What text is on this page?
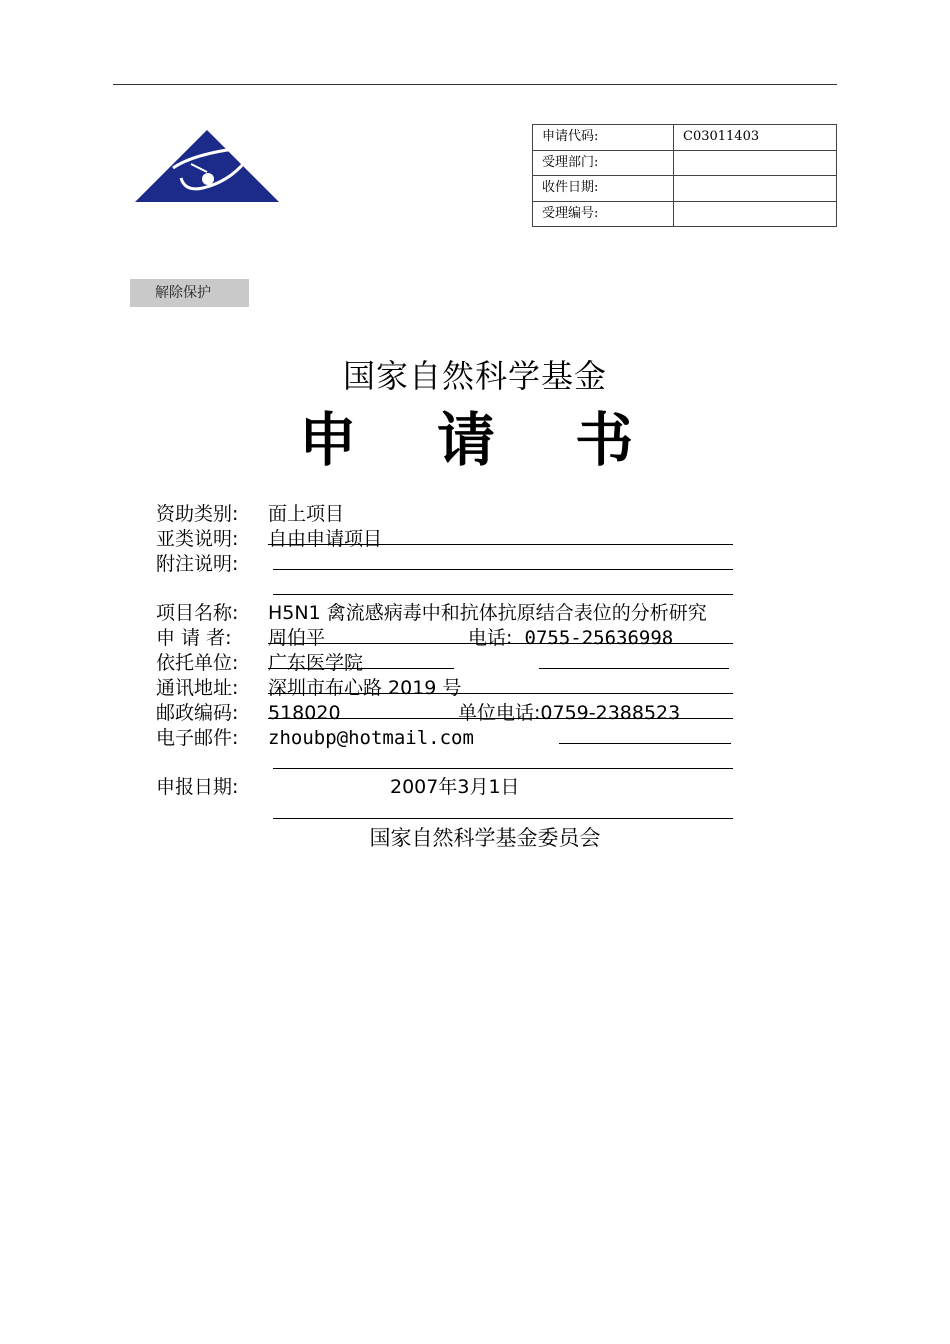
申请代码:	C03011403
受理部门:	
收件日期:	
受理编号:	
解除保护
国家自然科学基金
申 请 书
资助类别: 面上项目
亚类说明: 自由申请项目
附注说明:
项目名称: H5N1 禽流感病毒中和抗体抗原结合表位的分析研究
申 请 者: 周伯平	电话: 0755-25636998
依托单位: 广东医学院
通讯地址: 深圳市布心路 2019 号
邮政编码: 518020	单位电话:0759-2388523
电子邮件: zhoubp@hotmail.com
申报日期:	2007年3月1日
国家自然科学基金委员会
